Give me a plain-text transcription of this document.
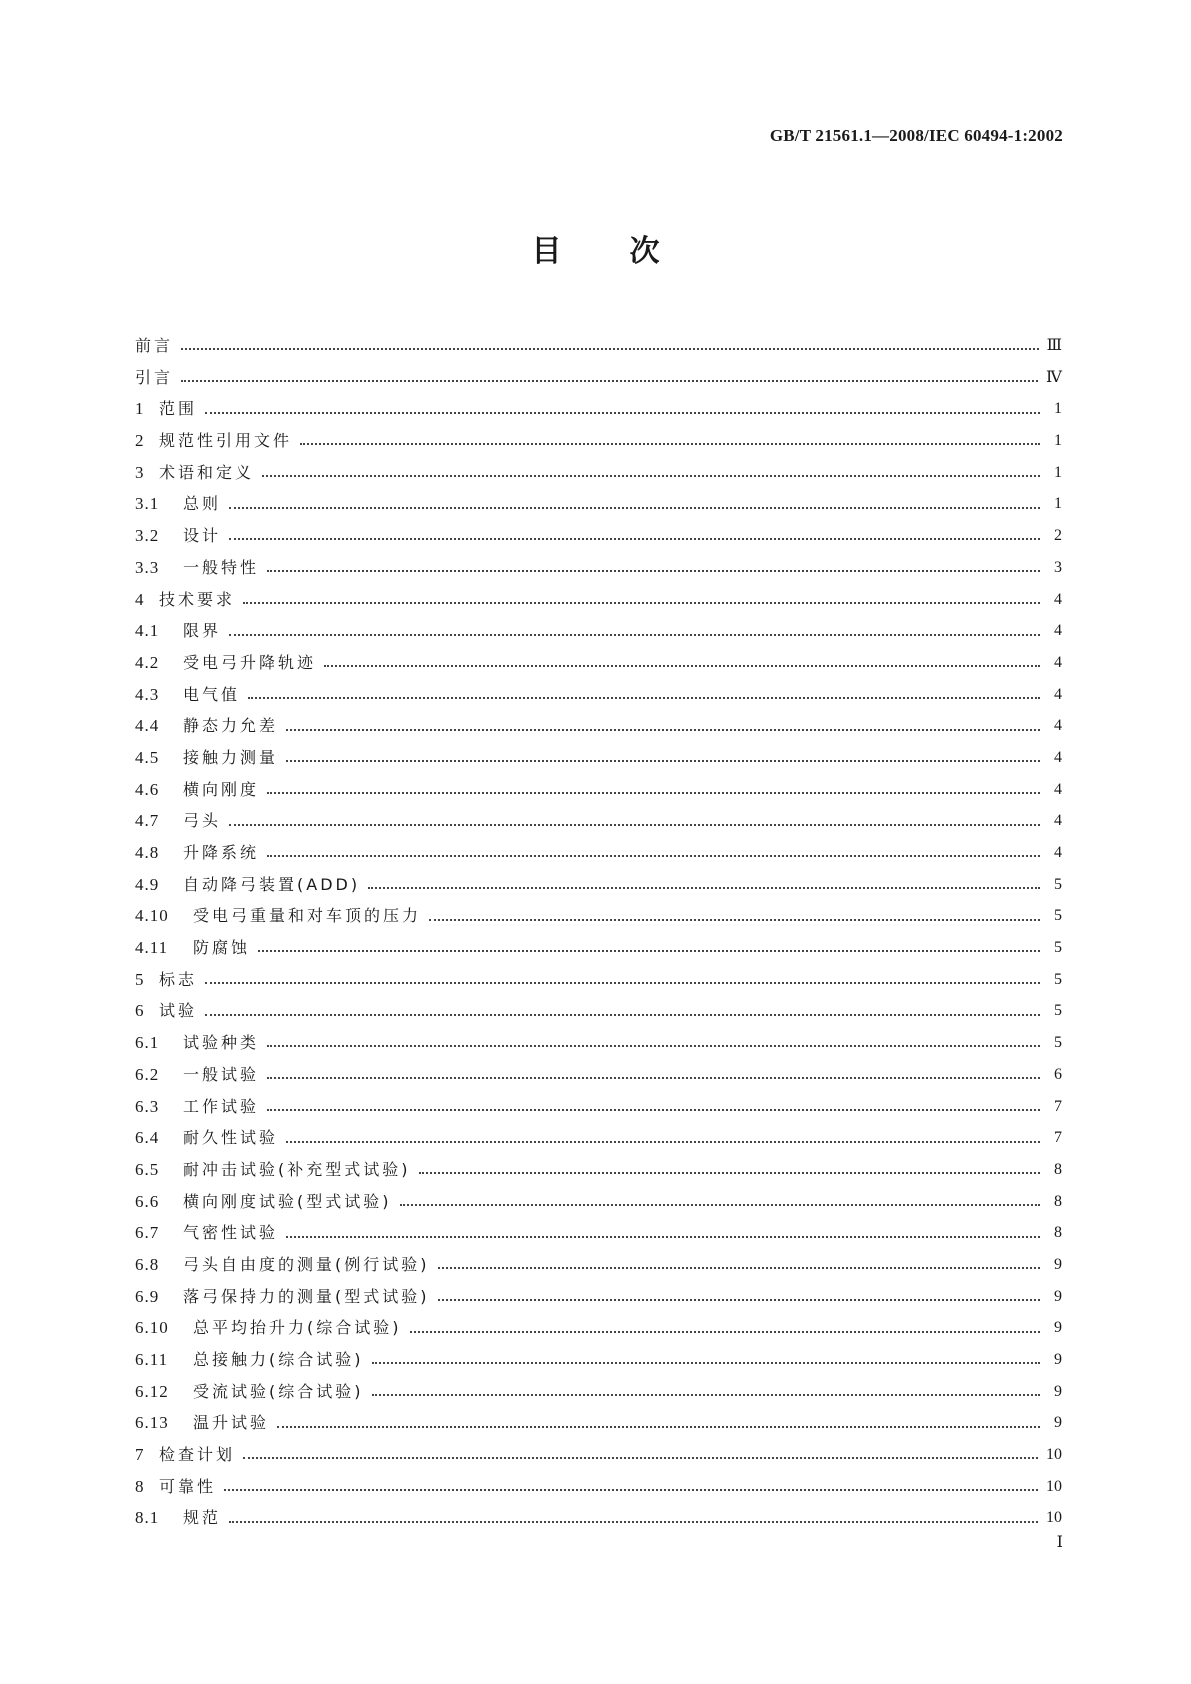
GB/T 21561.1—2008/IEC 60494-1:2002
目次
前言	Ⅲ
引言	Ⅳ
1 范围	1
2 规范性引用文件	1
3 术语和定义	1
3.1	总则	1
3.2	设计	2
3.3	一般特性	3
4 技术要求	4
4.1	限界	4
4.2	受电弓升降轨迹	4
4.3	电气值	4
4.4	静态力允差	4
4.5	接触力测量	4
4.6	横向刚度	4
4.7	弓头	4
4.8	升降系统	4
4.9	自动降弓装置(ADD)	5
4.10	受电弓重量和对车顶的压力	5
4.11	防腐蚀	5
5 标志	5
6 试验	5
6.1	试验种类	5
6.2	一般试验	6
6.3	工作试验	7
6.4	耐久性试验	7
6.5	耐冲击试验(补充型式试验)	8
6.6	横向刚度试验(型式试验)	8
6.7	气密性试验	8
6.8	弓头自由度的测量(例行试验)	9
6.9	落弓保持力的测量(型式试验)	9
6.10	总平均抬升力(综合试验)	9
6.11	总接触力(综合试验)	9
6.12	受流试验(综合试验)	9
6.13	温升试验	9
7 检查计划	10
8 可靠性	10
8.1	规范	10
Ⅰ
